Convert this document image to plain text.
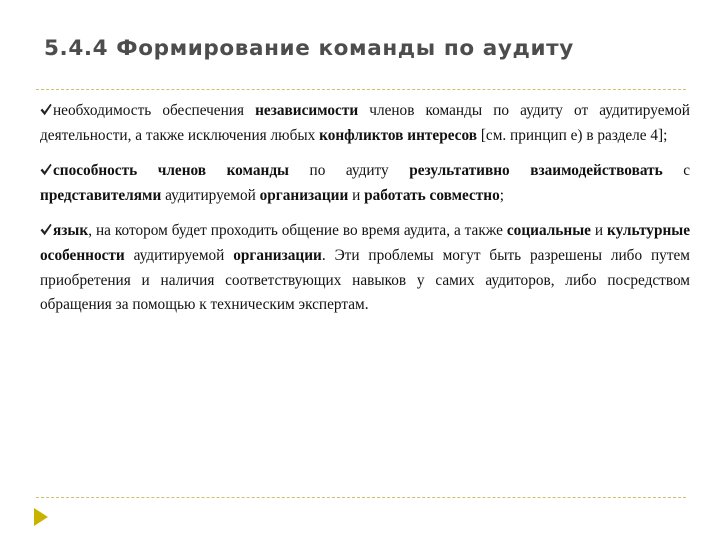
5.4.4 Формирование команды по аудиту

необходимость обеспечения независимости членов команды по аудиту от аудитируемой деятельности, а также исключения любых конфликтов интересов [см. принцип е) в разделе 4];

способность членов команды по аудиту результативно взаимодействовать с представителями аудитируемой организации и работать совместно;

язык, на котором будет проходить общение во время аудита, а также социальные и культурные особенности аудитируемой организации. Эти проблемы могут быть разрешены либо путем приобретения и наличия соответствующих навыков у самих аудиторов, либо посредством обращения за помощью к техническим экспертам.
